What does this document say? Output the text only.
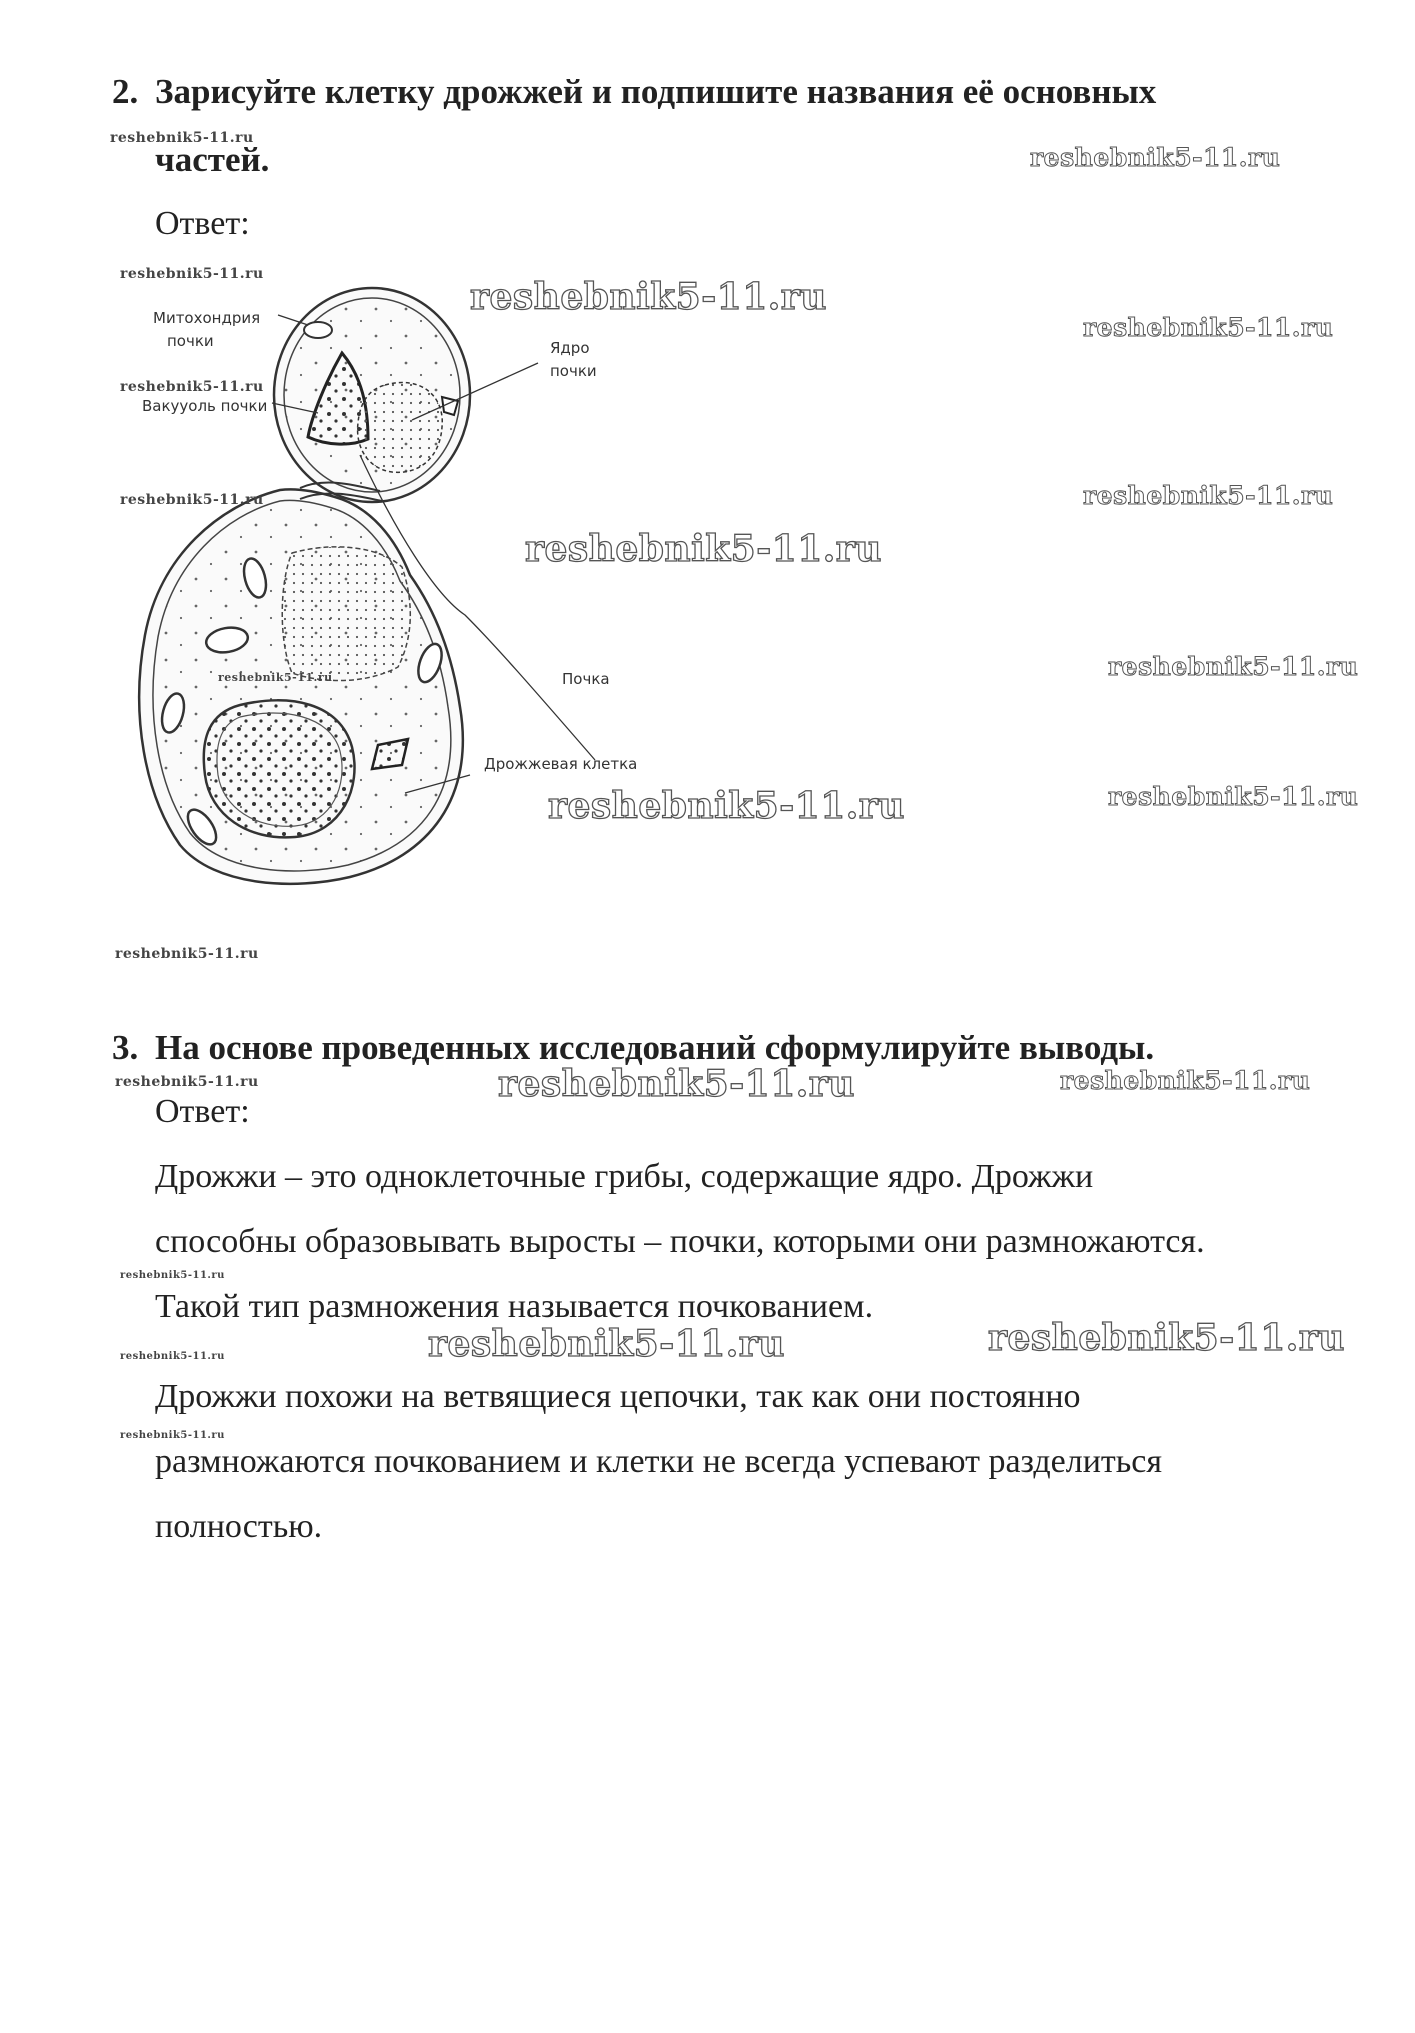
2. Зарисуйте клетку дрожжей и подпишите названия её основных
частей.
Ответ:
Митохондрия
почки
Вакууоль почки
Ядро
почки
Почка
Дрожжевая клетка
3. На основе проведенных исследований сформулируйте выводы.
Ответ:
Дрожжи – это одноклеточные грибы, содержащие ядро. Дрожжи
способны образовывать выросты – почки, которыми они размножаются.
Такой тип размножения называется почкованием.
Дрожжи похожи на ветвящиеся цепочки, так как они постоянно
размножаются почкованием и клетки не всегда успевают разделиться
полностью.
reshebnik5-11.ru
reshebnik5-11.ru
reshebnik5-11.ru
reshebnik5-11.ru
reshebnik5-11.ru
reshebnik5-11.ru
reshebnik5-11.ru	reshebnik5-11.ru
reshebnik5-11.ru
reshebnik5-11.ru
reshebnik5-11.ru
reshebnik5-11.ru
reshebnik5-11.ru
reshebnik5-11.ru
reshebnik5-11.ru	reshebnik5-11.ru	reshebnik5-11.ru
reshebnik5-11.ru
reshebnik5-11.ru	reshebnik5-11.ru
reshebnik5-11.ru
reshebnik5-11.ru
